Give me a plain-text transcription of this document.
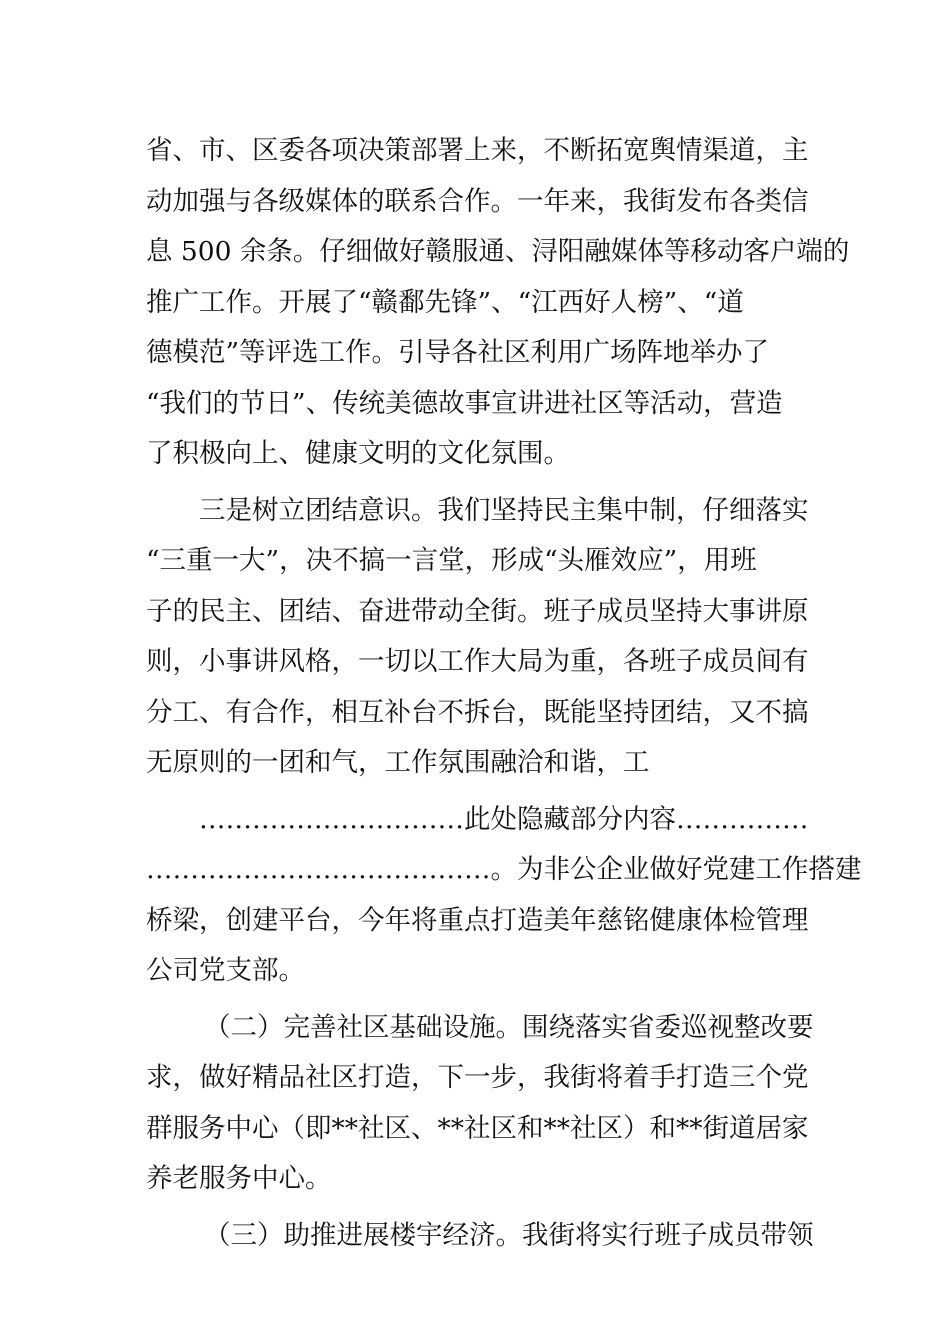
省、市、区委各项决策部署上来，不断拓宽舆情渠道，主
动加强与各级媒体的联系合作。一年来，我街发布各类信
息 500 余条。仔细做好赣服通、浔阳融媒体等移动客户端的
推广工作。开展了“赣鄱先锋”、“江西好人榜”、“道
德模范”等评选工作。引导各社区利用广场阵地举办了
“我们的节日”、传统美德故事宣讲进社区等活动，营造
了积极向上、健康文明的文化氛围。
三是树立团结意识。我们坚持民主集中制，仔细落实
“三重一大”，决不搞一言堂，形成“头雁效应”，用班
子的民主、团结、奋进带动全街。班子成员坚持大事讲原
则，小事讲风格，一切以工作大局为重，各班子成员间有
分工、有合作，相互补台不拆台，既能坚持团结，又不搞
无原则的一团和气，工作氛围融洽和谐，工
…………………………此处隐藏部分内容……………
…………………………………。为非公企业做好党建工作搭建
桥梁，创建平台，今年将重点打造美年慈铭健康体检管理
公司党支部。
（二）完善社区基础设施。围绕落实省委巡视整改要
求，做好精品社区打造，下一步，我街将着手打造三个党
群服务中心（即**社区、**社区和**社区）和**街道居家
养老服务中心。
（三）助推进展楼宇经济。我街将实行班子成员带领
